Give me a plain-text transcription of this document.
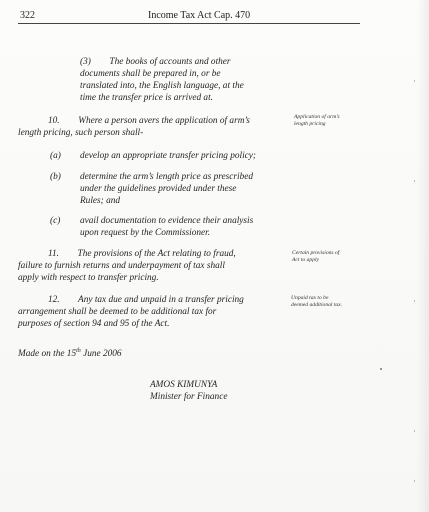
322	Income Tax Act Cap. 470
(3)        The books of accounts and other
documents shall be prepared in, or be
translated into, the English language, at the
time the transfer price is arrived at.
10.        Where a person avers the application of arm’s
length pricing, such person shall-
Application of arm’s
length pricing
(a) develop an appropriate transfer pricing policy;
(b) determine the arm’s length price as prescribed
under the guidelines provided under these
Rules; and
(c) avail documentation to evidence their analysis
upon request by the Commissioner.
11.        The provisions of the Act relating to fraud,
failure to furnish returns and underpayment of tax shall
apply with respect to transfer pricing.
Certain provisions of
Act to apply
12.        Any tax due and unpaid in a transfer pricing
arrangement shall be deemed to be additional tax for
purposes of section 94 and 95 of the Act.
Unpaid tax to be
deemed additional tax.
Made on the 15th June 2006
AMOS KIMUNYA
Minister for Finance
